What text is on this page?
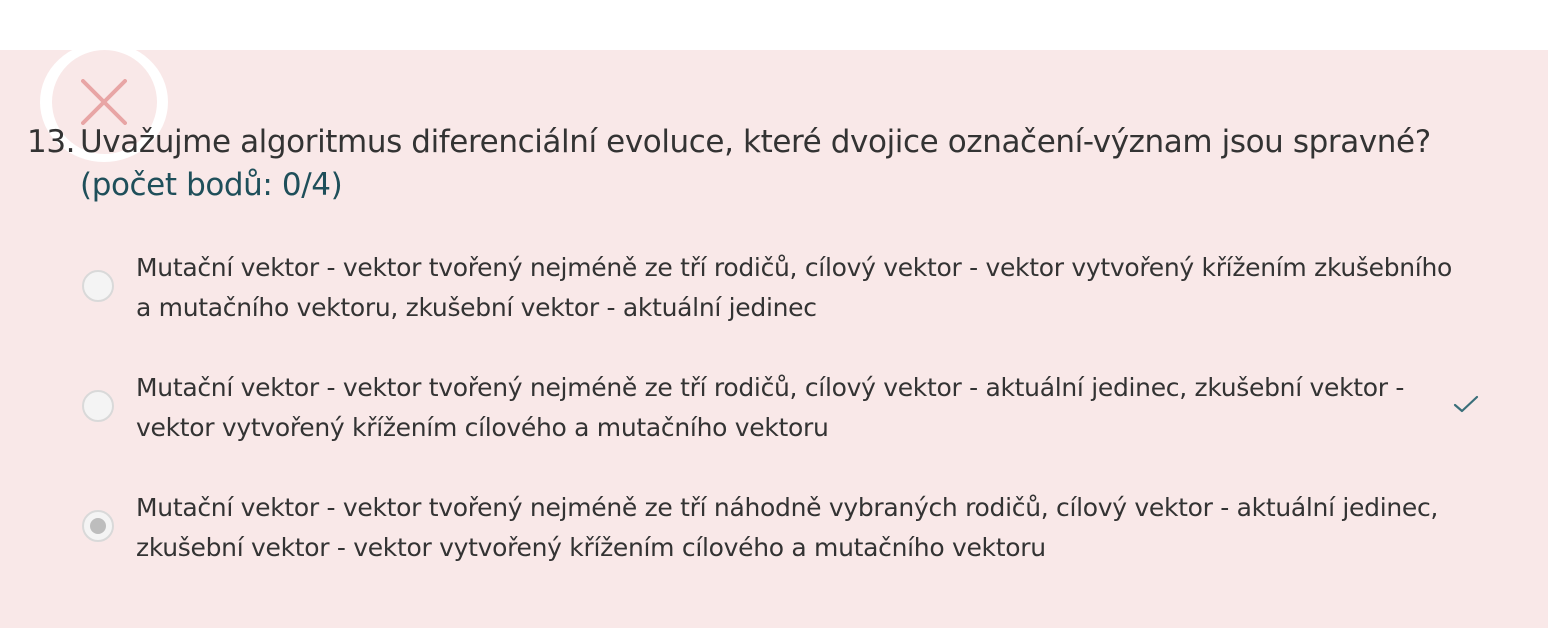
13. Uvažujme algoritmus diferenciální evoluce, které dvojice označení-význam jsou spravné?
(počet bodů: 0/4)
Mutační vektor - vektor tvořený nejméně ze tří rodičů, cílový vektor - vektor vytvořený křížením zkušebního a mutačního vektoru, zkušební vektor - aktuální jedinec
Mutační vektor - vektor tvořený nejméně ze tří rodičů, cílový vektor - aktuální jedinec, zkušební vektor - vektor vytvořený křížením cílového a mutačního vektoru
Mutační vektor - vektor tvořený nejméně ze tří náhodně vybraných rodičů, cílový vektor - aktuální jedinec, zkušební vektor - vektor vytvořený křížením cílového a mutačního vektoru
